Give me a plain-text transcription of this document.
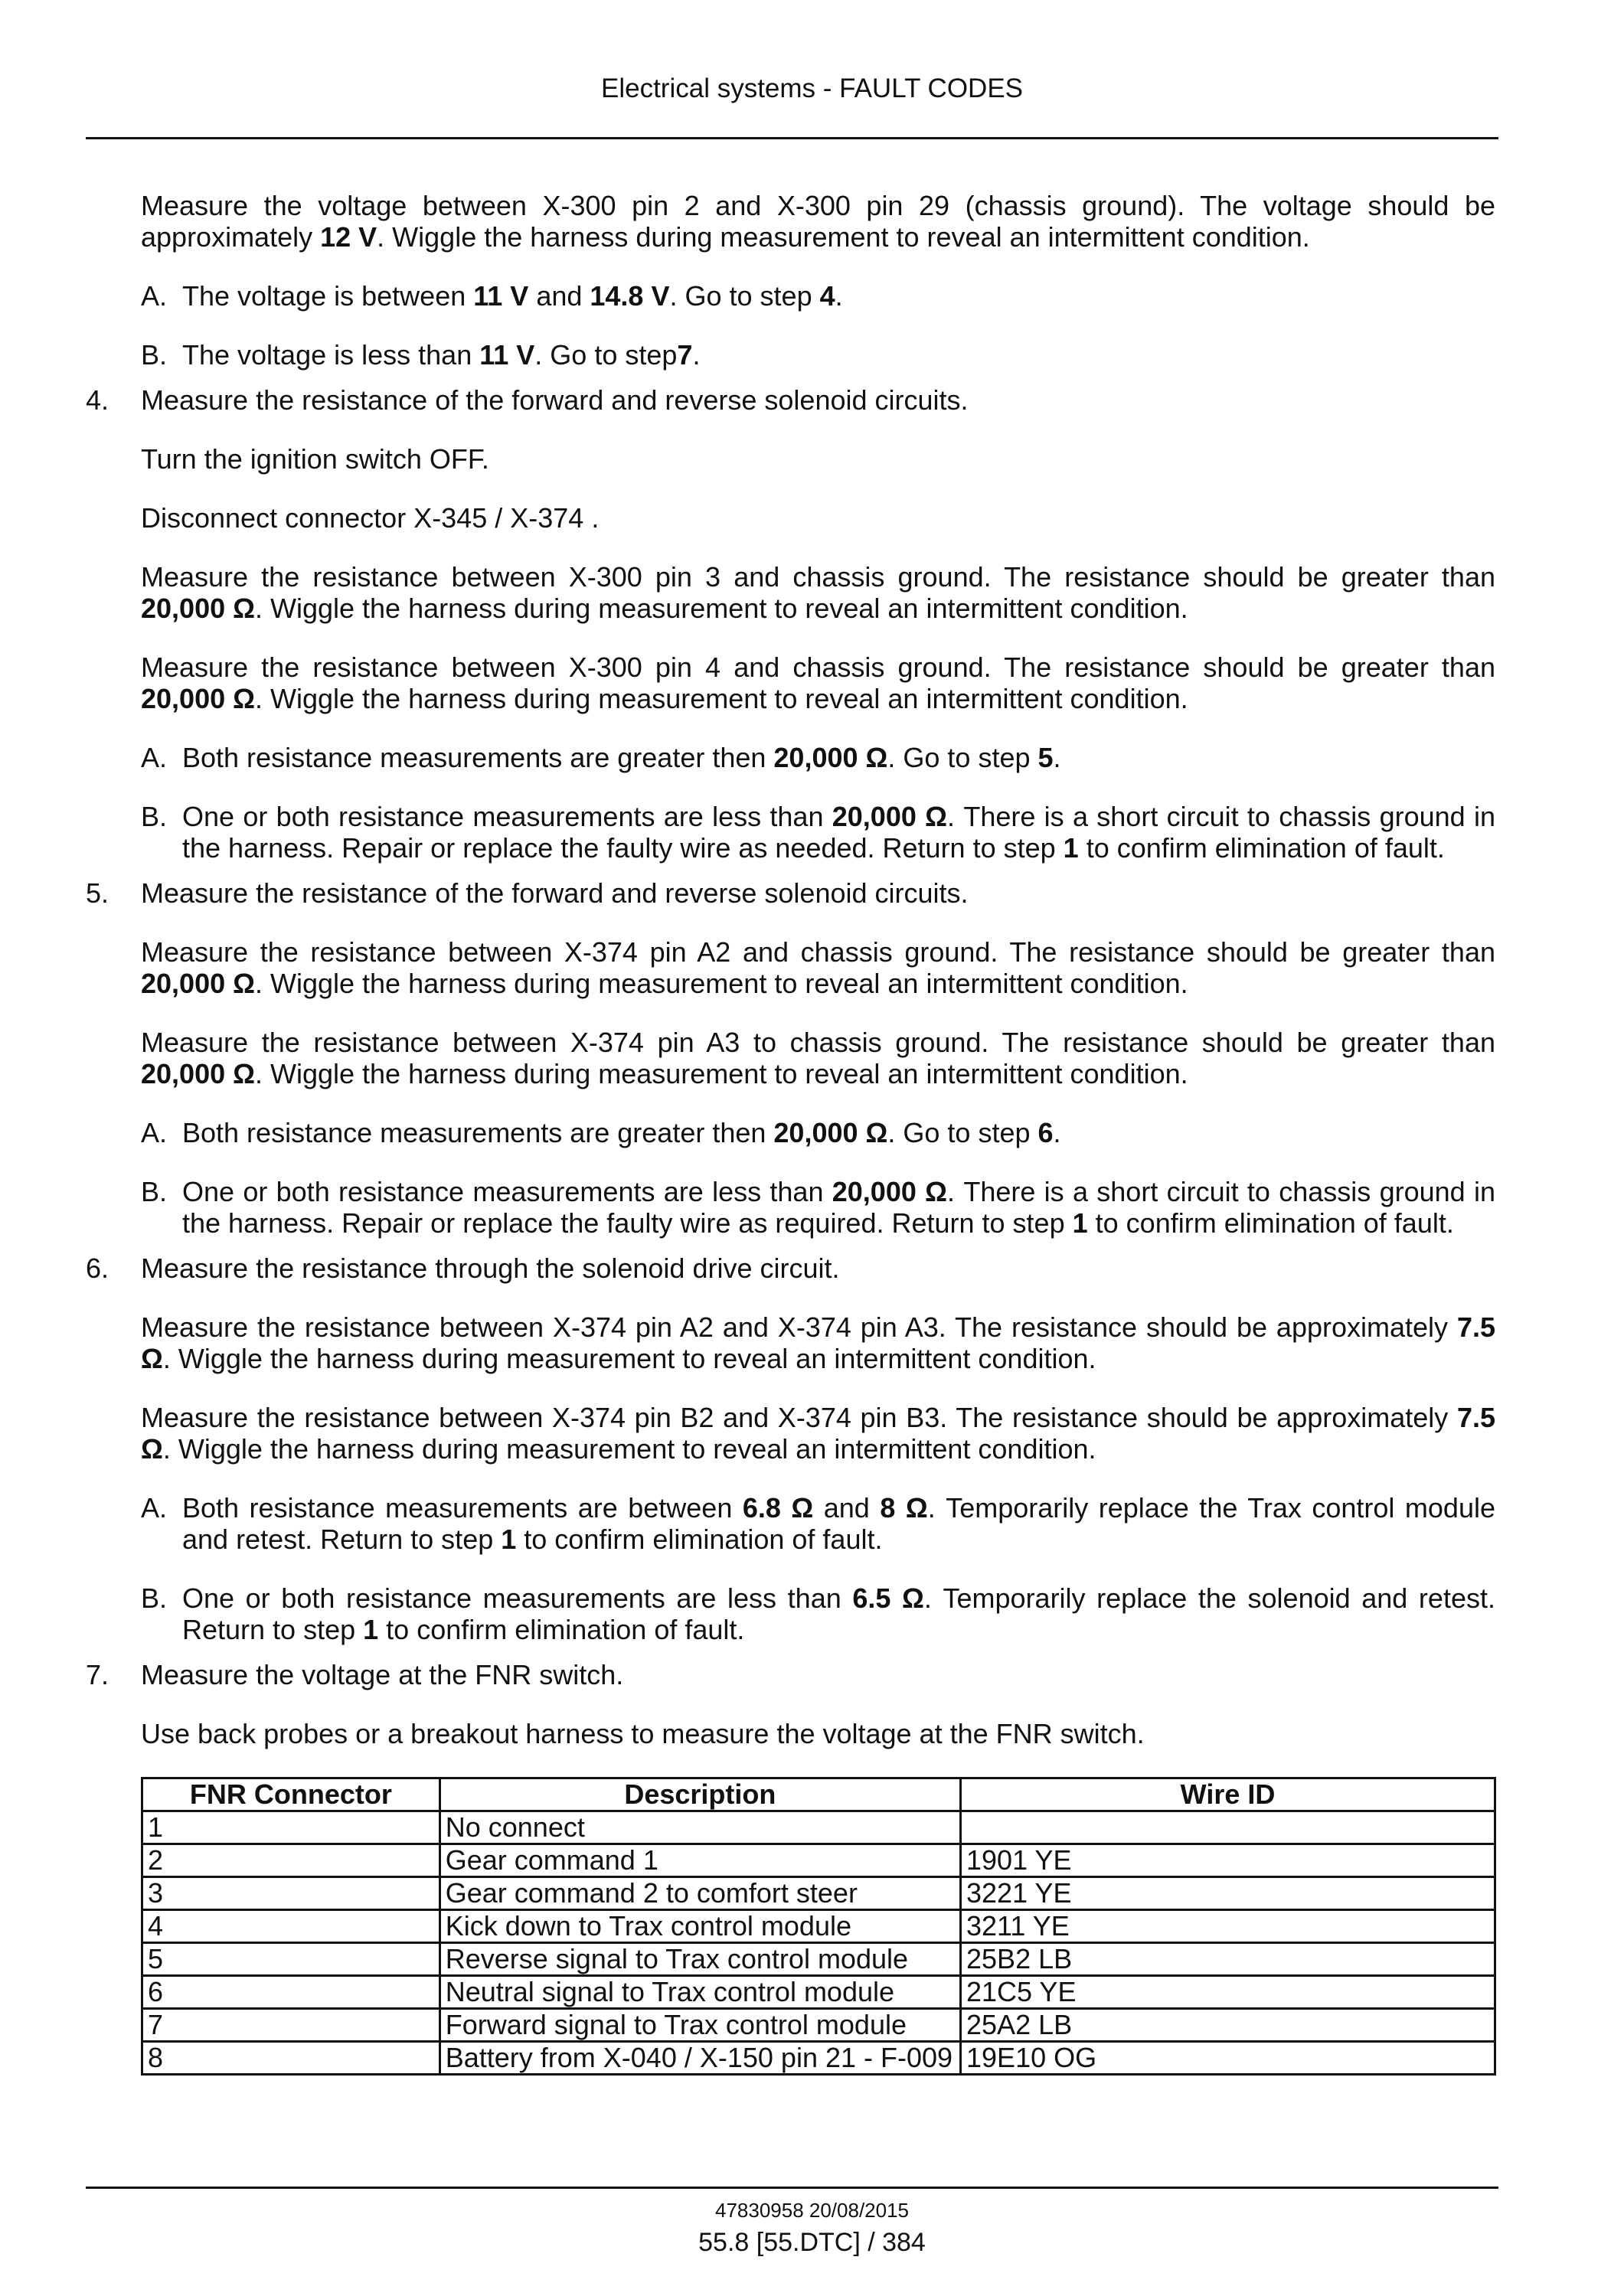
Electrical systems - FAULT CODES
Measure the voltage between X-300 pin 2 and X-300 pin 29 (chassis ground). The voltage should be approximately 12 V. Wiggle the harness during measurement to reveal an intermittent condition.
A. The voltage is between 11 V and 14.8 V. Go to step 4.
B. The voltage is less than 11 V. Go to step7.
4. Measure the resistance of the forward and reverse solenoid circuits.
Turn the ignition switch OFF.
Disconnect connector X-345 / X-374 .
Measure the resistance between X-300 pin 3 and chassis ground. The resistance should be greater than 20,000 Ω. Wiggle the harness during measurement to reveal an intermittent condition.
Measure the resistance between X-300 pin 4 and chassis ground. The resistance should be greater than 20,000 Ω. Wiggle the harness during measurement to reveal an intermittent condition.
A. Both resistance measurements are greater then 20,000 Ω. Go to step 5.
B. One or both resistance measurements are less than 20,000 Ω. There is a short circuit to chassis ground in the harness. Repair or replace the faulty wire as needed. Return to step 1 to confirm elimination of fault.
5. Measure the resistance of the forward and reverse solenoid circuits.
Measure the resistance between X-374 pin A2 and chassis ground. The resistance should be greater than 20,000 Ω. Wiggle the harness during measurement to reveal an intermittent condition.
Measure the resistance between X-374 pin A3 to chassis ground. The resistance should be greater than 20,000 Ω. Wiggle the harness during measurement to reveal an intermittent condition.
A. Both resistance measurements are greater then 20,000 Ω. Go to step 6.
B. One or both resistance measurements are less than 20,000 Ω. There is a short circuit to chassis ground in the harness. Repair or replace the faulty wire as required. Return to step 1 to confirm elimination of fault.
6. Measure the resistance through the solenoid drive circuit.
Measure the resistance between X-374 pin A2 and X-374 pin A3. The resistance should be approximately 7.5 Ω. Wiggle the harness during measurement to reveal an intermittent condition.
Measure the resistance between X-374 pin B2 and X-374 pin B3. The resistance should be approximately 7.5 Ω. Wiggle the harness during measurement to reveal an intermittent condition.
A. Both resistance measurements are between 6.8 Ω and 8 Ω. Temporarily replace the Trax control module and retest. Return to step 1 to confirm elimination of fault.
B. One or both resistance measurements are less than 6.5 Ω. Temporarily replace the solenoid and retest. Return to step 1 to confirm elimination of fault.
7. Measure the voltage at the FNR switch.
Use back probes or a breakout harness to measure the voltage at the FNR switch.
FNR Connector	Description	Wire ID
1	No connect	
2	Gear command 1	1901 YE
3	Gear command 2 to comfort steer	3221 YE
4	Kick down to Trax control module	3211 YE
5	Reverse signal to Trax control module	25B2 LB
6	Neutral signal to Trax control module	21C5 YE
7	Forward signal to Trax control module	25A2 LB
8	Battery from X-040 / X-150 pin 21 - F-009	19E10 OG
47830958 20/08/2015
55.8 [55.DTC] / 384
